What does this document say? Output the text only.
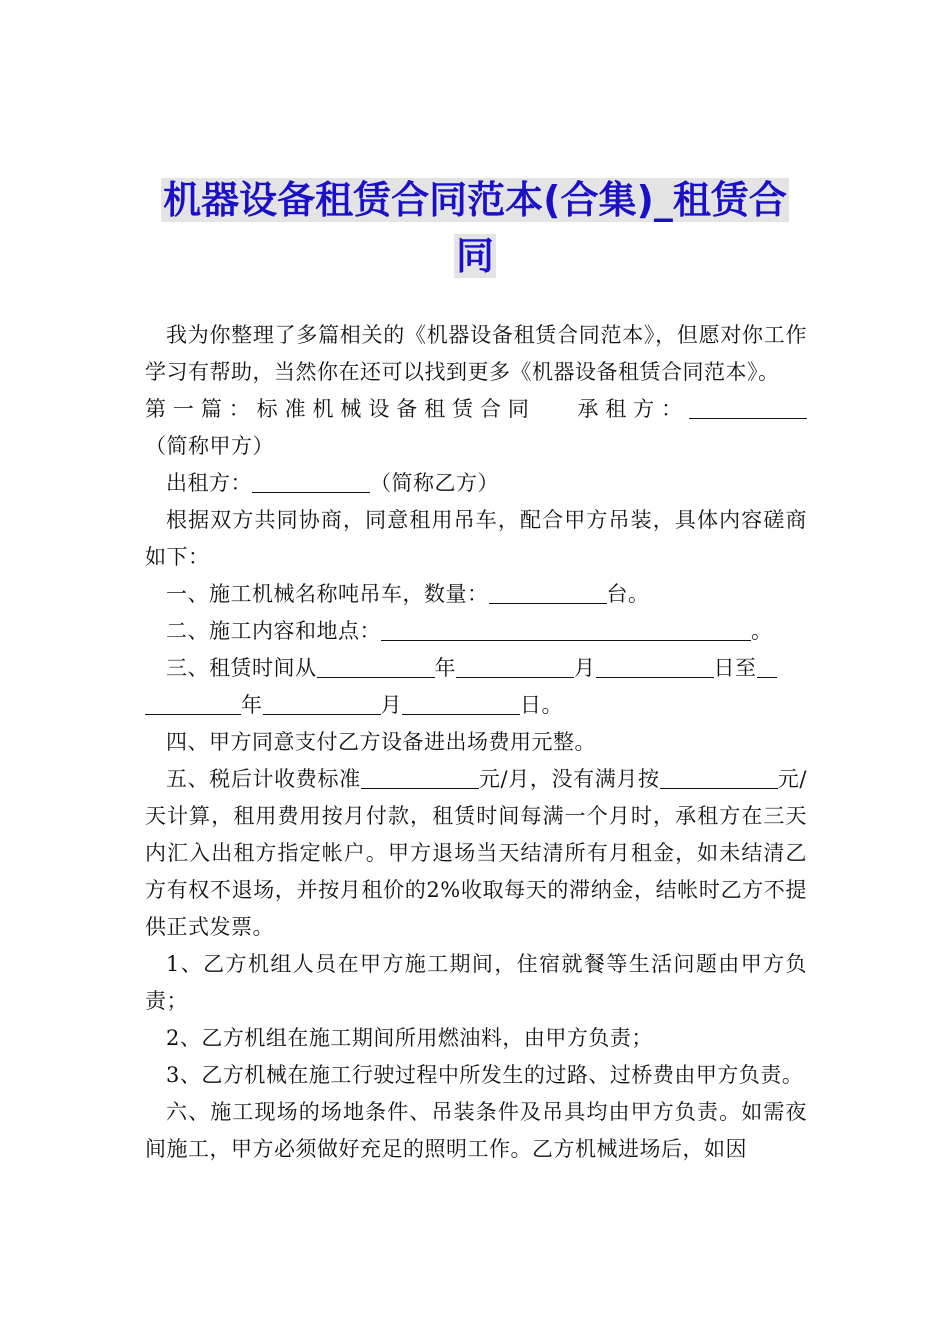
机器设备租赁合同范本(合集)_租赁合
同

我为你整理了多篇相关的《机器设备租赁合同范本》，但愿对你工作学习有帮助，当然你在还可以找到更多《机器设备租赁合同范本》。

第一篇：标准机械设备租赁合同　 承租方：（简称甲方）

出租方：	（简称乙方）

根据双方共同协商，同意租用吊车，配合甲方吊装，具体内容磋商如下：

一、施工机械名称吨吊车，数量：	台。

二、施工内容和地点：	。

三、租赁时间从	年	月	日至
年	月	日。

四、甲方同意支付乙方设备进出场费用元整。

五、税后计收费标准	元/月，没有满月按	元/天计算，租用费用按月付款，租赁时间每满一个月时，承租方在三天内汇入出租方指定帐户。甲方退场当天结清所有月租金，如未结清乙方有权不退场，并按月租价的2%收取每天的滞纳金，结帐时乙方不提供正式发票。

1、乙方机组人员在甲方施工期间，住宿就餐等生活问题由甲方负责；

2、乙方机组在施工期间所用燃油料，由甲方负责；

3、乙方机械在施工行驶过程中所发生的过路、过桥费由甲方负责。

六、施工现场的场地条件、吊装条件及吊具均由甲方负责。如需夜间施工，甲方必须做好充足的照明工作。乙方机械进场后，如因
